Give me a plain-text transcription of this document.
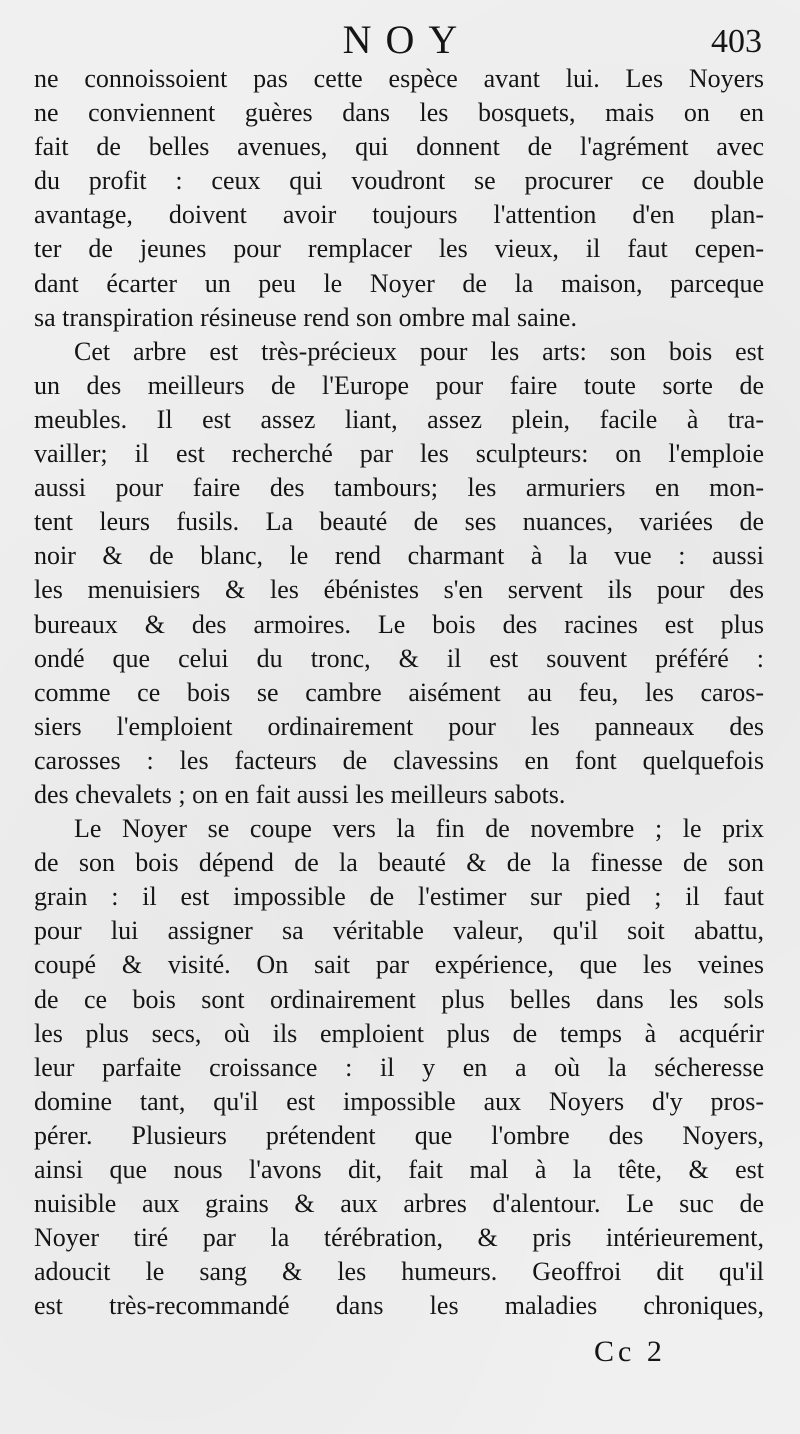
NOY	403
ne connoissoient pas cette espèce avant lui. Les Noyers
ne conviennent guères dans les bosquets, mais on en
fait de belles avenues, qui donnent de l'agrément avec
du profit : ceux qui voudront se procurer ce double
avantage, doivent avoir toujours l'attention d'en plan-
ter de jeunes pour remplacer les vieux, il faut cepen-
dant écarter un peu le Noyer de la maison, parceque
sa transpiration résineuse rend son ombre mal saine.
Cet arbre est très-précieux pour les arts: son bois est
un des meilleurs de l'Europe pour faire toute sorte de
meubles. Il est assez liant, assez plein, facile à tra-
vailler; il est recherché par les sculpteurs: on l'emploie
aussi pour faire des tambours; les armuriers en mon-
tent leurs fusils. La beauté de ses nuances, variées de
noir & de blanc, le rend charmant à la vue : aussi
les menuisiers & les ébénistes s'en servent ils pour des
bureaux & des armoires. Le bois des racines est plus
ondé que celui du tronc, & il est souvent préféré :
comme ce bois se cambre aisément au feu, les caros-
siers l'emploient ordinairement pour les panneaux des
carosses : les facteurs de clavessins en font quelquefois
des chevalets ; on en fait aussi les meilleurs sabots.
Le Noyer se coupe vers la fin de novembre ; le prix
de son bois dépend de la beauté & de la finesse de son
grain : il est impossible de l'estimer sur pied ; il faut
pour lui assigner sa véritable valeur, qu'il soit abattu,
coupé & visité. On sait par expérience, que les veines
de ce bois sont ordinairement plus belles dans les sols
les plus secs, où ils emploient plus de temps à acquérir
leur parfaite croissance : il y en a où la sécheresse
domine tant, qu'il est impossible aux Noyers d'y pros-
pérer. Plusieurs prétendent que l'ombre des Noyers,
ainsi que nous l'avons dit, fait mal à la tête, & est
nuisible aux grains & aux arbres d'alentour. Le suc de
Noyer tiré par la térébration, & pris intérieurement,
adoucit le sang & les humeurs. Geoffroi dit qu'il
est très-recommandé dans les maladies chroniques,
Cc 2
